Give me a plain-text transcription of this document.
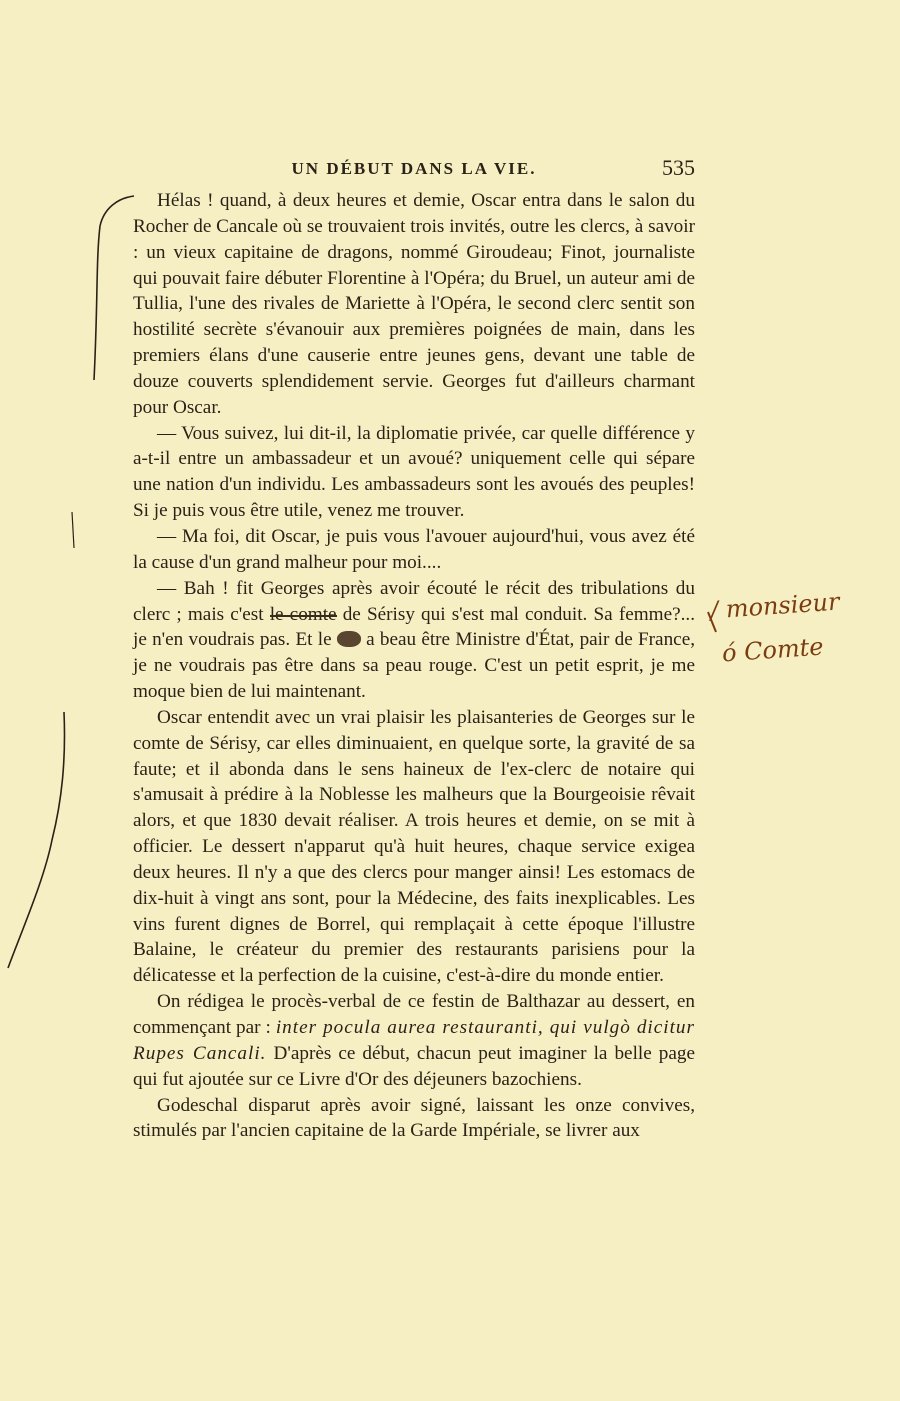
UN DÉBUT DANS LA VIE.	535

Hélas ! quand, à deux heures et demie, Oscar entra dans le salon du Rocher de Cancale où se trouvaient trois invités, outre les clercs, à savoir : un vieux capitaine de dragons, nommé Giroudeau; Finot, journaliste qui pouvait faire débuter Florentine à l'Opéra; du Bruel, un auteur ami de Tullia, l'une des rivales de Mariette à l'Opéra, le second clerc sentit son hostilité secrète s'évanouir aux premières poignées de main, dans les premiers élans d'une causerie entre jeunes gens, devant une table de douze couverts splendidement servie. Georges fut d'ailleurs charmant pour Oscar.

— Vous suivez, lui dit-il, la diplomatie privée, car quelle différence y a-t-il entre un ambassadeur et un avoué? uniquement celle qui sépare une nation d'un individu. Les ambassadeurs sont les avoués des peuples! Si je puis vous être utile, venez me trouver.

— Ma foi, dit Oscar, je puis vous l'avouer aujourd'hui, vous avez été la cause d'un grand malheur pour moi....

— Bah ! fit Georges après avoir écouté le récit des tribulations du clerc ; mais c'est le comte de Sérisy qui s'est mal conduit. Sa femme?... je n'en voudrais pas. Et le a beau être Ministre d'État, pair de France, je ne voudrais pas être dans sa peau rouge. C'est un petit esprit, je me moque bien de lui maintenant.

Oscar entendit avec un vrai plaisir les plaisanteries de Georges sur le comte de Sérisy, car elles diminuaient, en quelque sorte, la gravité de sa faute; et il abonda dans le sens haineux de l'ex-clerc de notaire qui s'amusait à prédire à la Noblesse les malheurs que la Bourgeoisie rêvait alors, et que 1830 devait réaliser. A trois heures et demie, on se mit à officier. Le dessert n'apparut qu'à huit heures, chaque service exigea deux heures. Il n'y a que des clercs pour manger ainsi! Les estomacs de dix-huit à vingt ans sont, pour la Médecine, des faits inexplicables. Les vins furent dignes de Borrel, qui remplaçait à cette époque l'illustre Balaine, le créateur du premier des restaurants parisiens pour la délicatesse et la perfection de la cuisine, c'est-à-dire du monde entier.

On rédigea le procès-verbal de ce festin de Balthazar au dessert, en commençant par : inter pocula aurea restauranti, qui vulgò dicitur Rupes Cancali. D'après ce début, chacun peut imaginer la belle page qui fut ajoutée sur ce Livre d'Or des déjeuners bazochiens.

Godeschal disparut après avoir signé, laissant les onze convives, stimulés par l'ancien capitaine de la Garde Impériale, se livrer aux

/ monsieur
ó Comte
